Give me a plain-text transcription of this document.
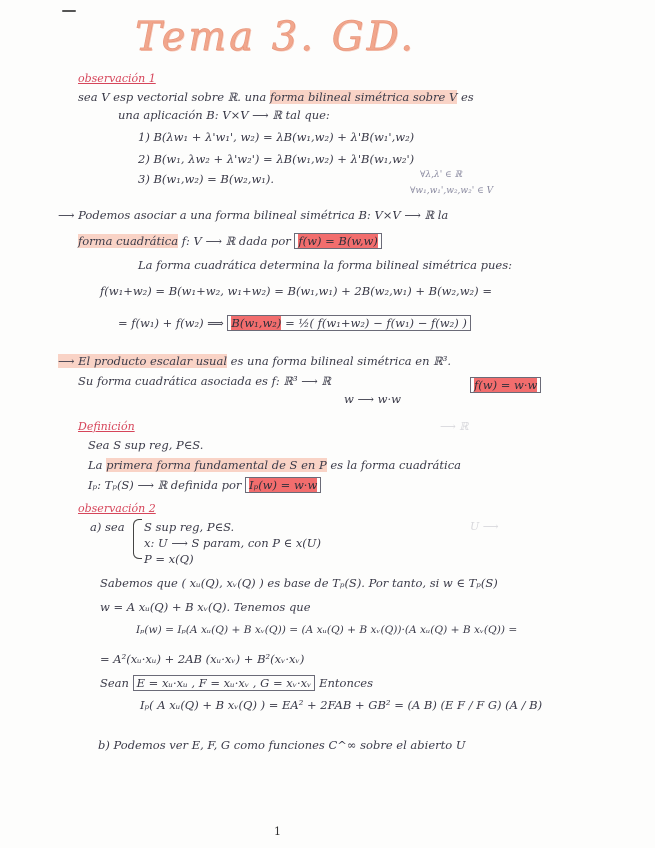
Tema 3. GD.
⟶ ℝ
U ⟶
observación 1
sea V esp vectorial sobre ℝ. una forma bilineal simétrica sobre V es
una aplicación B: V×V ⟶ ℝ tal que:
1) B(λw₁ + λ'w₁', w₂) = λB(w₁,w₂) + λ'B(w₁',w₂)
2) B(w₁, λw₂ + λ'w₂') = λB(w₁,w₂) + λ'B(w₁,w₂')
3) B(w₁,w₂) = B(w₂,w₁).	∀λ,λ' ∈ ℝ
∀w₁,w₁',w₂,w₂' ∈ V
⟶ Podemos asociar a una forma bilineal simétrica B: V×V ⟶ ℝ la
forma cuadrática f: V ⟶ ℝ dada por f(w) = B(w,w)
La forma cuadrática determina la forma bilineal simétrica pues:
f(w₁+w₂) = B(w₁+w₂, w₁+w₂) = B(w₁,w₁) + 2B(w₂,w₁) + B(w₂,w₂) =
= f(w₁) + f(w₂) ⟹ B(w₁,w₂) = ½( f(w₁+w₂) − f(w₁) − f(w₂) )
⟶ El producto escalar usual es una forma bilineal simétrica en ℝ³.
Su forma cuadrática asociada es f: ℝ³ ⟶ ℝ	f(w) = w·w
w ⟶ w·w
Definición
Sea S sup reg, P∈S.
La primera forma fundamental de S en P es la forma cuadrática
Iₚ: Tₚ(S) ⟶ ℝ definida por Iₚ(w) = w·w
observación 2
a) sea S sup reg, P∈S.
x: U ⟶ S param, con P ∈ x(U)
P = x(Q)
Sabemos que ( xᵤ(Q), xᵥ(Q) ) es base de Tₚ(S). Por tanto, si w ∈ Tₚ(S)
w = A xᵤ(Q) + B xᵥ(Q). Tenemos que
Iₚ(w) = Iₚ(A xᵤ(Q) + B xᵥ(Q)) = (A xᵤ(Q) + B xᵥ(Q))·(A xᵤ(Q) + B xᵥ(Q)) =
= A²(xᵤ·xᵤ) + 2AB (xᵤ·xᵥ) + B²(xᵥ·xᵥ)
Sean E = xᵤ·xᵤ , F = xᵤ·xᵥ , G = xᵥ·xᵥ Entonces
Iₚ( A xᵤ(Q) + B xᵥ(Q) ) = EA² + 2FAB + GB² = (A B) (E F / F G) (A / B)
b) Podemos ver E, F, G como funciones C^∞ sobre el abierto U
1
